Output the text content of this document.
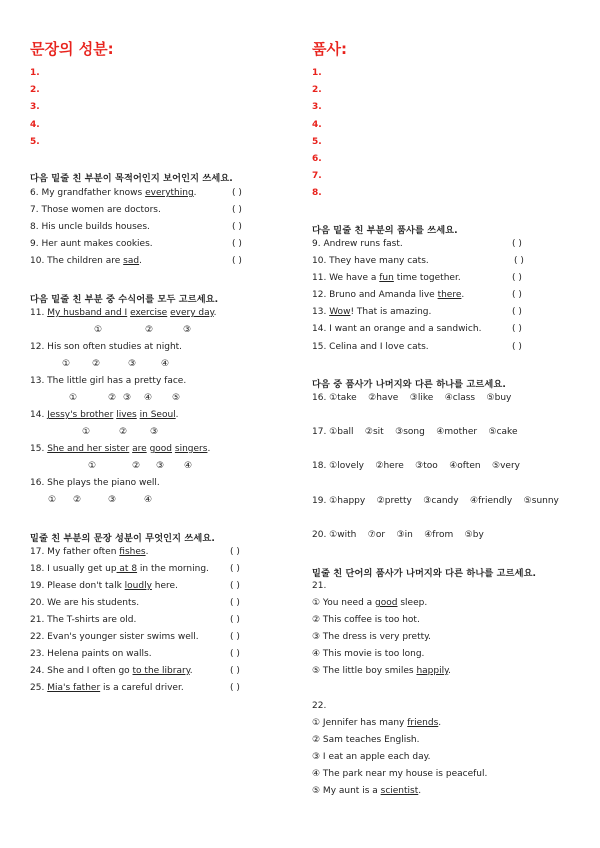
문장의 성분:
1.
2.
3.
4.
5.
다음 밑줄 친 부분이 목적어인지 보어인지 쓰세요.
6. My grandfather knows everything.	( )
7. Those women are doctors.	( )
8. His uncle builds houses.	( )
9. Her aunt makes cookies.	( )
10. The children are sad.	( )
다음 밑줄 친 부분 중 수식어를 모두 고르세요.
11. My husband and I exercise every day.
①	②	③
12. His son often studies at night.
① ②	③	④
13. The little girl has a pretty face.
①	② ③ ④ ⑤
14. Jessy's brother lives in Seoul.
①	②	③
15. She and her sister are good singers.
①	② ③ ④
16. She plays the piano well.
① ②	③	④
밑줄 친 부분의 문장 성분이 무엇인지 쓰세요.
17. My father often fishes.	( )
18. I usually get up at 8 in the morning. ( )
19. Please don't talk loudly here.	( )
20. We are his students.	( )
21. The T-shirts are old.	( )
22. Evan's younger sister swims well.	( )
23. Helena paints on walls.	( )
24. She and I often go to the library.	( )
25. Mia's father is a careful driver.	( )
품사:
1.
2.
3.
4.
5.
6.
7.
8.
다음 밑줄 친 부분의 품사를 쓰세요.
9. Andrew runs fast.	( )
10. They have many cats.	( )
11. We have a fun time together.	( )
12. Bruno and Amanda live there.	( )
13. Wow! That is amazing.	( )
14. I want an orange and a sandwich.	( )
15. Celina and I love cats.	( )
다음 중 품사가 나머지와 다른 하나를 고르세요.
16. ①take    ②have    ③like    ④class    ⑤buy
17. ①ball    ②sit    ③song    ④mother    ⑤cake
18. ①lovely    ②here    ③too    ④often    ⑤very
19. ①happy    ②pretty    ③candy    ④friendly    ⑤sunny
20. ①with    ⑦or    ③in    ④from    ⑤by
밑줄 친 단어의 품사가 나머지와 다른 하나를 고르세요.
21.
① You need a good sleep.
② This coffee is too hot.
③ The dress is very pretty.
④ This movie is too long.
⑤ The little boy smiles happily.
22.
① Jennifer has many friends.
② Sam teaches English.
③ I eat an apple each day.
④ The park near my house is peaceful.
⑤ My aunt is a scientist.
